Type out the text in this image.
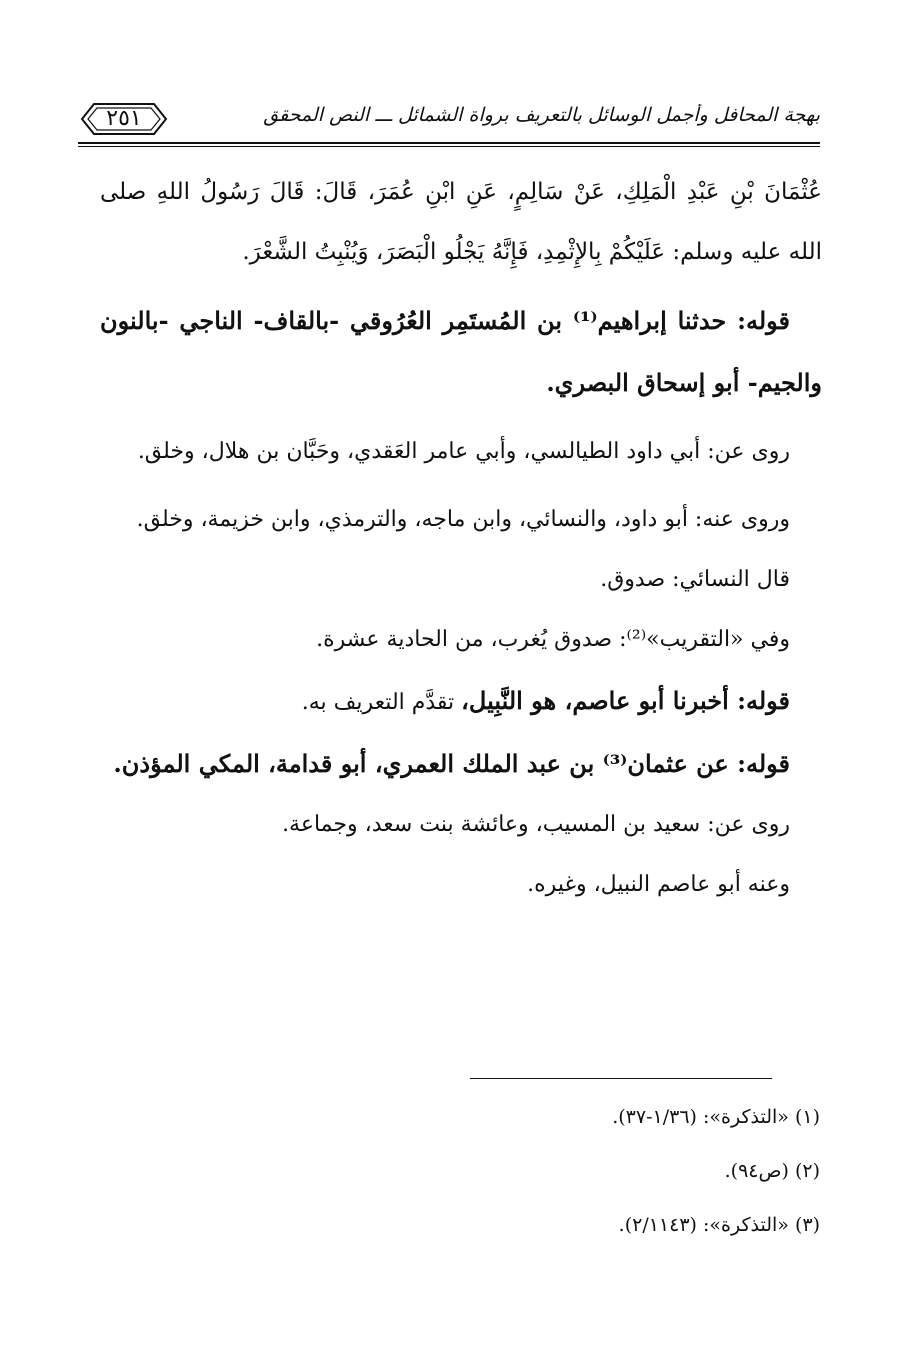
٢٥١	بهجة المحافل وأجمل الوسائل بالتعريف برواة الشمائل ـــ النص المحقق

عُثْمَانَ بْنِ عَبْدِ الْمَلِكِ، عَنْ سَالِمٍ، عَنِ ابْنِ عُمَرَ، قَالَ: قَالَ رَسُولُ اللهِ صلى الله عليه وسلم: عَلَيْكُمْ بِالإِثْمِدِ، فَإِنَّهُ يَجْلُو الْبَصَرَ، وَيُنْبِتُ الشَّعْرَ.

قوله: حدثنا إبراهيم⁽¹⁾ بن المُستَمِر العُرُوقي -بالقاف- الناجي -بالنون والجيم- أبو إسحاق البصري.

روى عن: أبي داود الطيالسي، وأبي عامر العَقدي، وحَبَّان بن هلال، وخلق.

وروى عنه: أبو داود، والنسائي، وابن ماجه، والترمذي، وابن خزيمة، وخلق.

قال النسائي: صدوق.

وفي «التقريب»⁽²⁾: صدوق يُغرب، من الحادية عشرة.

قوله: أخبرنا أبو عاصم، هو النَّبِيل، تقدَّم التعريف به.

قوله: عن عثمان⁽³⁾ بن عبد الملك العمري، أبو قدامة، المكي المؤذن.

روى عن: سعيد بن المسيب، وعائشة بنت سعد، وجماعة.

وعنه أبو عاصم النبيل، وغيره.

(١) «التذكرة»: (١/٣٦-٣٧).
(٢) (ص٩٤).
(٣) «التذكرة»: (٢/١١٤٣).
